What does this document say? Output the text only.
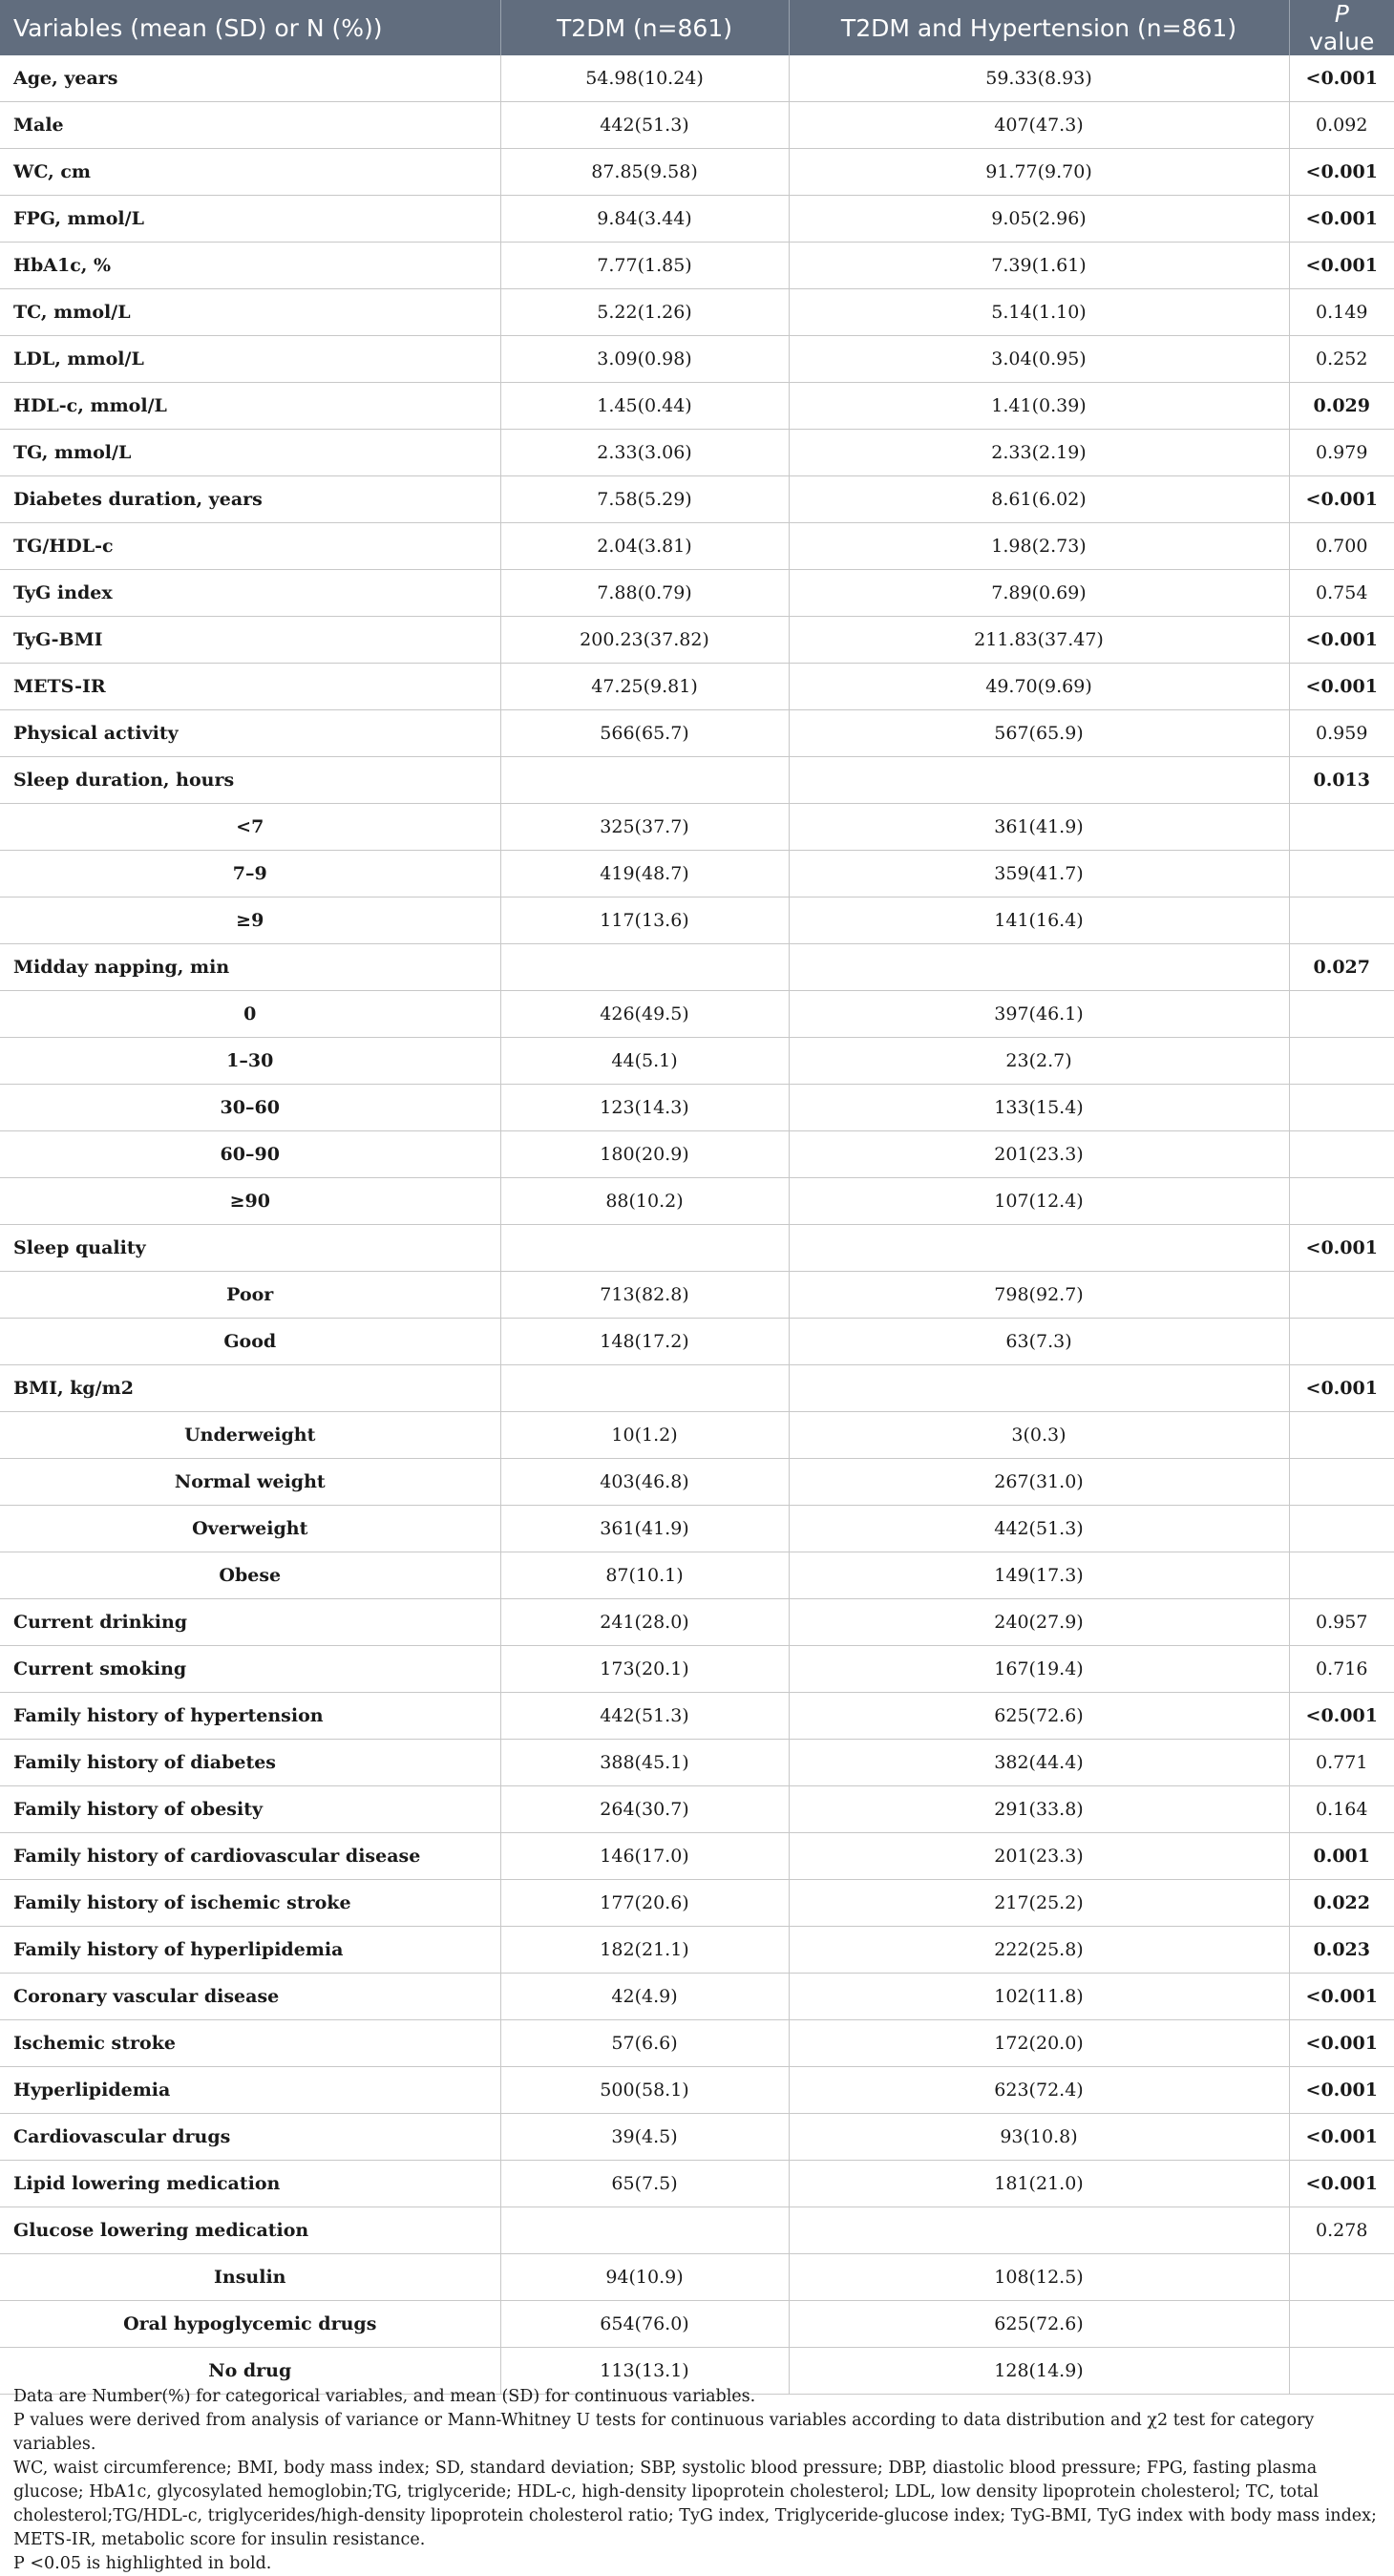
Variables (mean (SD) or N (%))	T2DM (n=861)	T2DM and Hypertension (n=861)	P value
Age, years	54.98(10.24)	59.33(8.93)	<0.001
Male	442(51.3)	407(47.3)	0.092
WC, cm	87.85(9.58)	91.77(9.70)	<0.001
FPG, mmol/L	9.84(3.44)	9.05(2.96)	<0.001
HbA1c, %	7.77(1.85)	7.39(1.61)	<0.001
TC, mmol/L	5.22(1.26)	5.14(1.10)	0.149
LDL, mmol/L	3.09(0.98)	3.04(0.95)	0.252
HDL-c, mmol/L	1.45(0.44)	1.41(0.39)	0.029
TG, mmol/L	2.33(3.06)	2.33(2.19)	0.979
Diabetes duration, years	7.58(5.29)	8.61(6.02)	<0.001
TG/HDL-c	2.04(3.81)	1.98(2.73)	0.700
TyG index	7.88(0.79)	7.89(0.69)	0.754
TyG-BMI	200.23(37.82)	211.83(37.47)	<0.001
METS-IR	47.25(9.81)	49.70(9.69)	<0.001
Physical activity	566(65.7)	567(65.9)	0.959
Sleep duration, hours			0.013
<7	325(37.7)	361(41.9)	
7–9	419(48.7)	359(41.7)	
≥9	117(13.6)	141(16.4)	
Midday napping, min			0.027
0	426(49.5)	397(46.1)	
1–30	44(5.1)	23(2.7)	
30–60	123(14.3)	133(15.4)	
60–90	180(20.9)	201(23.3)	
≥90	88(10.2)	107(12.4)	
Sleep quality			<0.001
Poor	713(82.8)	798(92.7)	
Good	148(17.2)	63(7.3)	
BMI, kg/m2			<0.001
Underweight	10(1.2)	3(0.3)	
Normal weight	403(46.8)	267(31.0)	
Overweight	361(41.9)	442(51.3)	
Obese	87(10.1)	149(17.3)	
Current drinking	241(28.0)	240(27.9)	0.957
Current smoking	173(20.1)	167(19.4)	0.716
Family history of hypertension	442(51.3)	625(72.6)	<0.001
Family history of diabetes	388(45.1)	382(44.4)	0.771
Family history of obesity	264(30.7)	291(33.8)	0.164
Family history of cardiovascular disease	146(17.0)	201(23.3)	0.001
Family history of ischemic stroke	177(20.6)	217(25.2)	0.022
Family history of hyperlipidemia	182(21.1)	222(25.8)	0.023
Coronary vascular disease	42(4.9)	102(11.8)	<0.001
Ischemic stroke	57(6.6)	172(20.0)	<0.001
Hyperlipidemia	500(58.1)	623(72.4)	<0.001
Cardiovascular drugs	39(4.5)	93(10.8)	<0.001
Lipid lowering medication	65(7.5)	181(21.0)	<0.001
Glucose lowering medication			0.278
Insulin	94(10.9)	108(12.5)	
Oral hypoglycemic drugs	654(76.0)	625(72.6)	
No drug	113(13.1)	128(14.9)	

Data are Number(%) for categorical variables, and mean (SD) for continuous variables.

P values were derived from analysis of variance or Mann-Whitney U tests for continuous variables according to data distribution and χ2 test for category variables.

WC, waist circumference; BMI, body mass index; SD, standard deviation; SBP, systolic blood pressure; DBP, diastolic blood pressure; FPG, fasting plasma glucose; HbA1c, glycosylated hemoglobin;TG, triglyceride; HDL-c, high-density lipoprotein cholesterol; LDL, low density lipoprotein cholesterol; TC, total cholesterol;TG/HDL-c, triglycerides/high-density lipoprotein cholesterol ratio; TyG index, Triglyceride-glucose index; TyG-BMI, TyG index with body mass index; METS-IR, metabolic score for insulin resistance.

P <0.05 is highlighted in bold.
